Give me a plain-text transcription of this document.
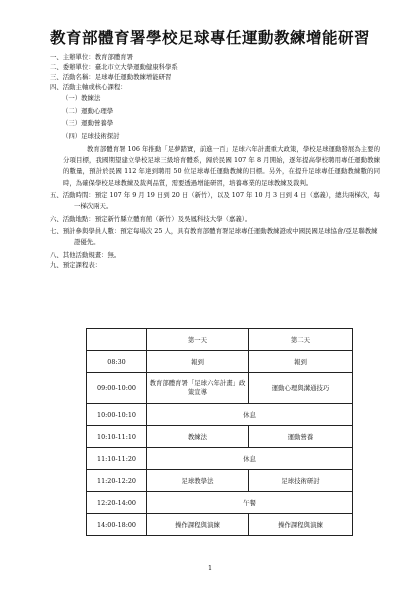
教育部體育署學校足球專任運動教練增能研習
一、主辦單位：教育部體育署
二、委辦單位：臺北市立大學運動健康科學系
三、活動名稱：足球專任運動教練增能研習
四、活動主軸或核心課程：
（一）教練法
（二）運動心理學
（三）運動營養學
（四）足球技術探討
教育部體育署 106 年推動「足夢踏實，前進一百」足球六年計畫重大政策，學校足球運動發展為主要的分項目標，我國期望建立學校足球三級培育體系，歸於民國 107 年 8 月開始，逐年提高學校聘用專任運動教練的數量，預計於民國 112 年達到聘用 50 位足球專任運動教練的目標。另外，在提升足球專任運動教練數的同時，為確保學校足球教練及裁判品質，需要透過增能研習，培養專業的足球教練及裁判。
五、活動時間：預定 107 年 9 月 19 日到 20 日（新竹），以及 107 年 10 月 3 日到 4 日（嘉義），總共兩梯次，每一梯次兩天。
六、活動地點：預定新竹縣立體育館（新竹）及吳鳳科技大學（嘉義）。
七、預計參與學員人數：預定每場次 25 人，具有教育部體育署足球專任運動教練證或中國民國足球協會/亞足聯教練證優先。
八、其他活動規畫：無。
九、預定課程表：
	第一天	第二天
08:30	報到	報到
09:00-10:00	教育部體育署「足球六年計畫」政策宣導	運動心理與溝通技巧
10:00-10:10	休息	
10:10-11:10	教練法	運動營養
11:10-11:20	休息	
11:20-12:20	足球教學法	足球技術研討
12:20-14:00	午餐	
14:00-18:00	操作課程與演練	操作課程與演練
1
